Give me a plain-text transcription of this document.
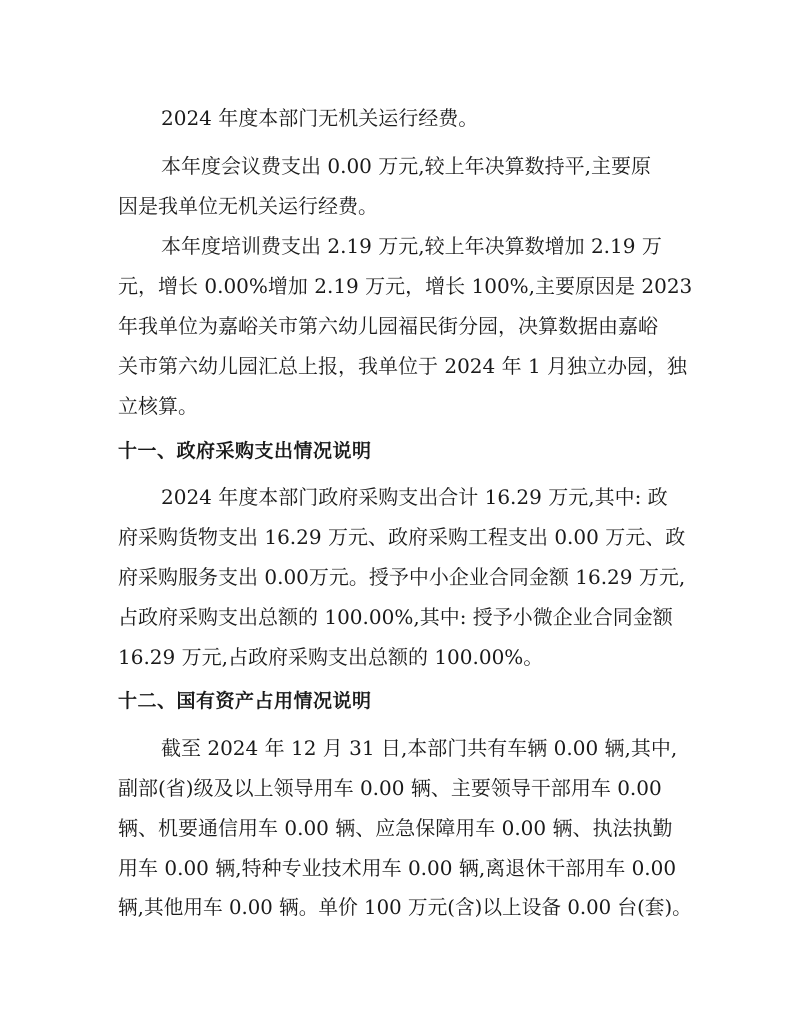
2024 年度本部门无机关运行经费。
本年度会议费支出 0.00 万元,较上年决算数持平,主要原
因是我单位无机关运行经费。
本年度培训费支出 2.19 万元,较上年决算数增加 2.19 万
元，增长 0.00%增加 2.19 万元，增长 100%,主要原因是 2023
年我单位为嘉峪关市第六幼儿园福民街分园，决算数据由嘉峪
关市第六幼儿园汇总上报，我单位于 2024 年 1 月独立办园，独
立核算。
十一、政府采购支出情况说明
2024 年度本部门政府采购支出合计 16.29 万元,其中: 政
府采购货物支出 16.29 万元、政府采购工程支出 0.00 万元、政
府采购服务支出 0.00万元。授予中小企业合同金额 16.29 万元,
占政府采购支出总额的 100.00%,其中: 授予小微企业合同金额
16.29 万元,占政府采购支出总额的 100.00%。
十二、国有资产占用情况说明
截至 2024 年 12 月 31 日,本部门共有车辆 0.00 辆,其中,
副部(省)级及以上领导用车 0.00 辆、主要领导干部用车 0.00
辆、机要通信用车 0.00 辆、应急保障用车 0.00 辆、执法执勤
用车 0.00 辆,特种专业技术用车 0.00 辆,离退休干部用车 0.00
辆,其他用车 0.00 辆。单价 100 万元(含)以上设备 0.00 台(套)。
